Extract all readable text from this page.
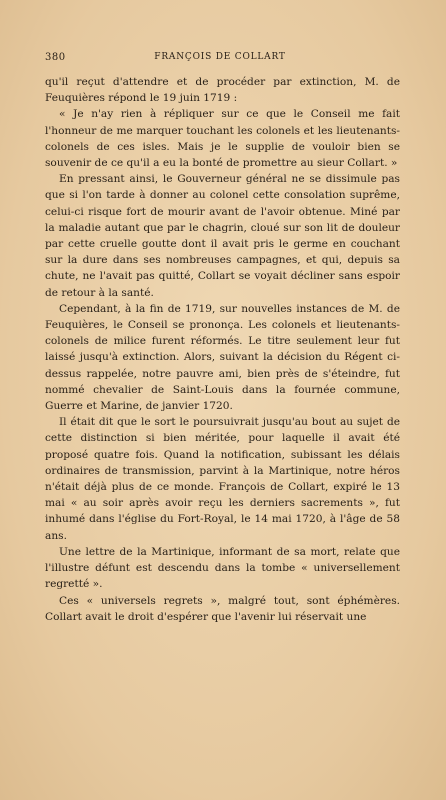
380	FRANÇOIS DE COLLART

qu'il reçut d'attendre et de procéder par extinction, M. de Feuquières répond le 19 juin 1719 :

« Je n'ay rien à répliquer sur ce que le Conseil me fait l'honneur de me marquer touchant les colonels et les lieutenants-colonels de ces isles. Mais je le supplie de vouloir bien se souvenir de ce qu'il a eu la bonté de promettre au sieur Collart. »

En pressant ainsi, le Gouverneur général ne se dissimule pas que si l'on tarde à donner au colonel cette consolation suprême, celui-ci risque fort de mourir avant de l'avoir obtenue. Miné par la maladie autant que par le chagrin, cloué sur son lit de douleur par cette cruelle goutte dont il avait pris le germe en couchant sur la dure dans ses nombreuses campagnes, et qui, depuis sa chute, ne l'avait pas quitté, Collart se voyait décliner sans espoir de retour à la santé.

Cependant, à la fin de 1719, sur nouvelles instances de M. de Feuquières, le Conseil se prononça. Les colonels et lieutenants-colonels de milice furent réformés. Le titre seulement leur fut laissé jusqu'à extinction. Alors, suivant la décision du Régent ci-dessus rappelée, notre pauvre ami, bien près de s'éteindre, fut nommé chevalier de Saint-Louis dans la fournée commune, Guerre et Marine, de janvier 1720.

Il était dit que le sort le poursuivrait jusqu'au bout au sujet de cette distinction si bien méritée, pour laquelle il avait été proposé quatre fois. Quand la notification, subissant les délais ordinaires de transmission, parvint à la Martinique, notre héros n'était déjà plus de ce monde. François de Collart, expiré le 13 mai « au soir après avoir reçu les derniers sacrements », fut inhumé dans l'église du Fort-Royal, le 14 mai 1720, à l'âge de 58 ans.

Une lettre de la Martinique, informant de sa mort, relate que l'illustre défunt est descendu dans la tombe « universellement regretté ».

Ces « universels regrets », malgré tout, sont éphémères. Collart avait le droit d'espérer que l'avenir lui réservait une
